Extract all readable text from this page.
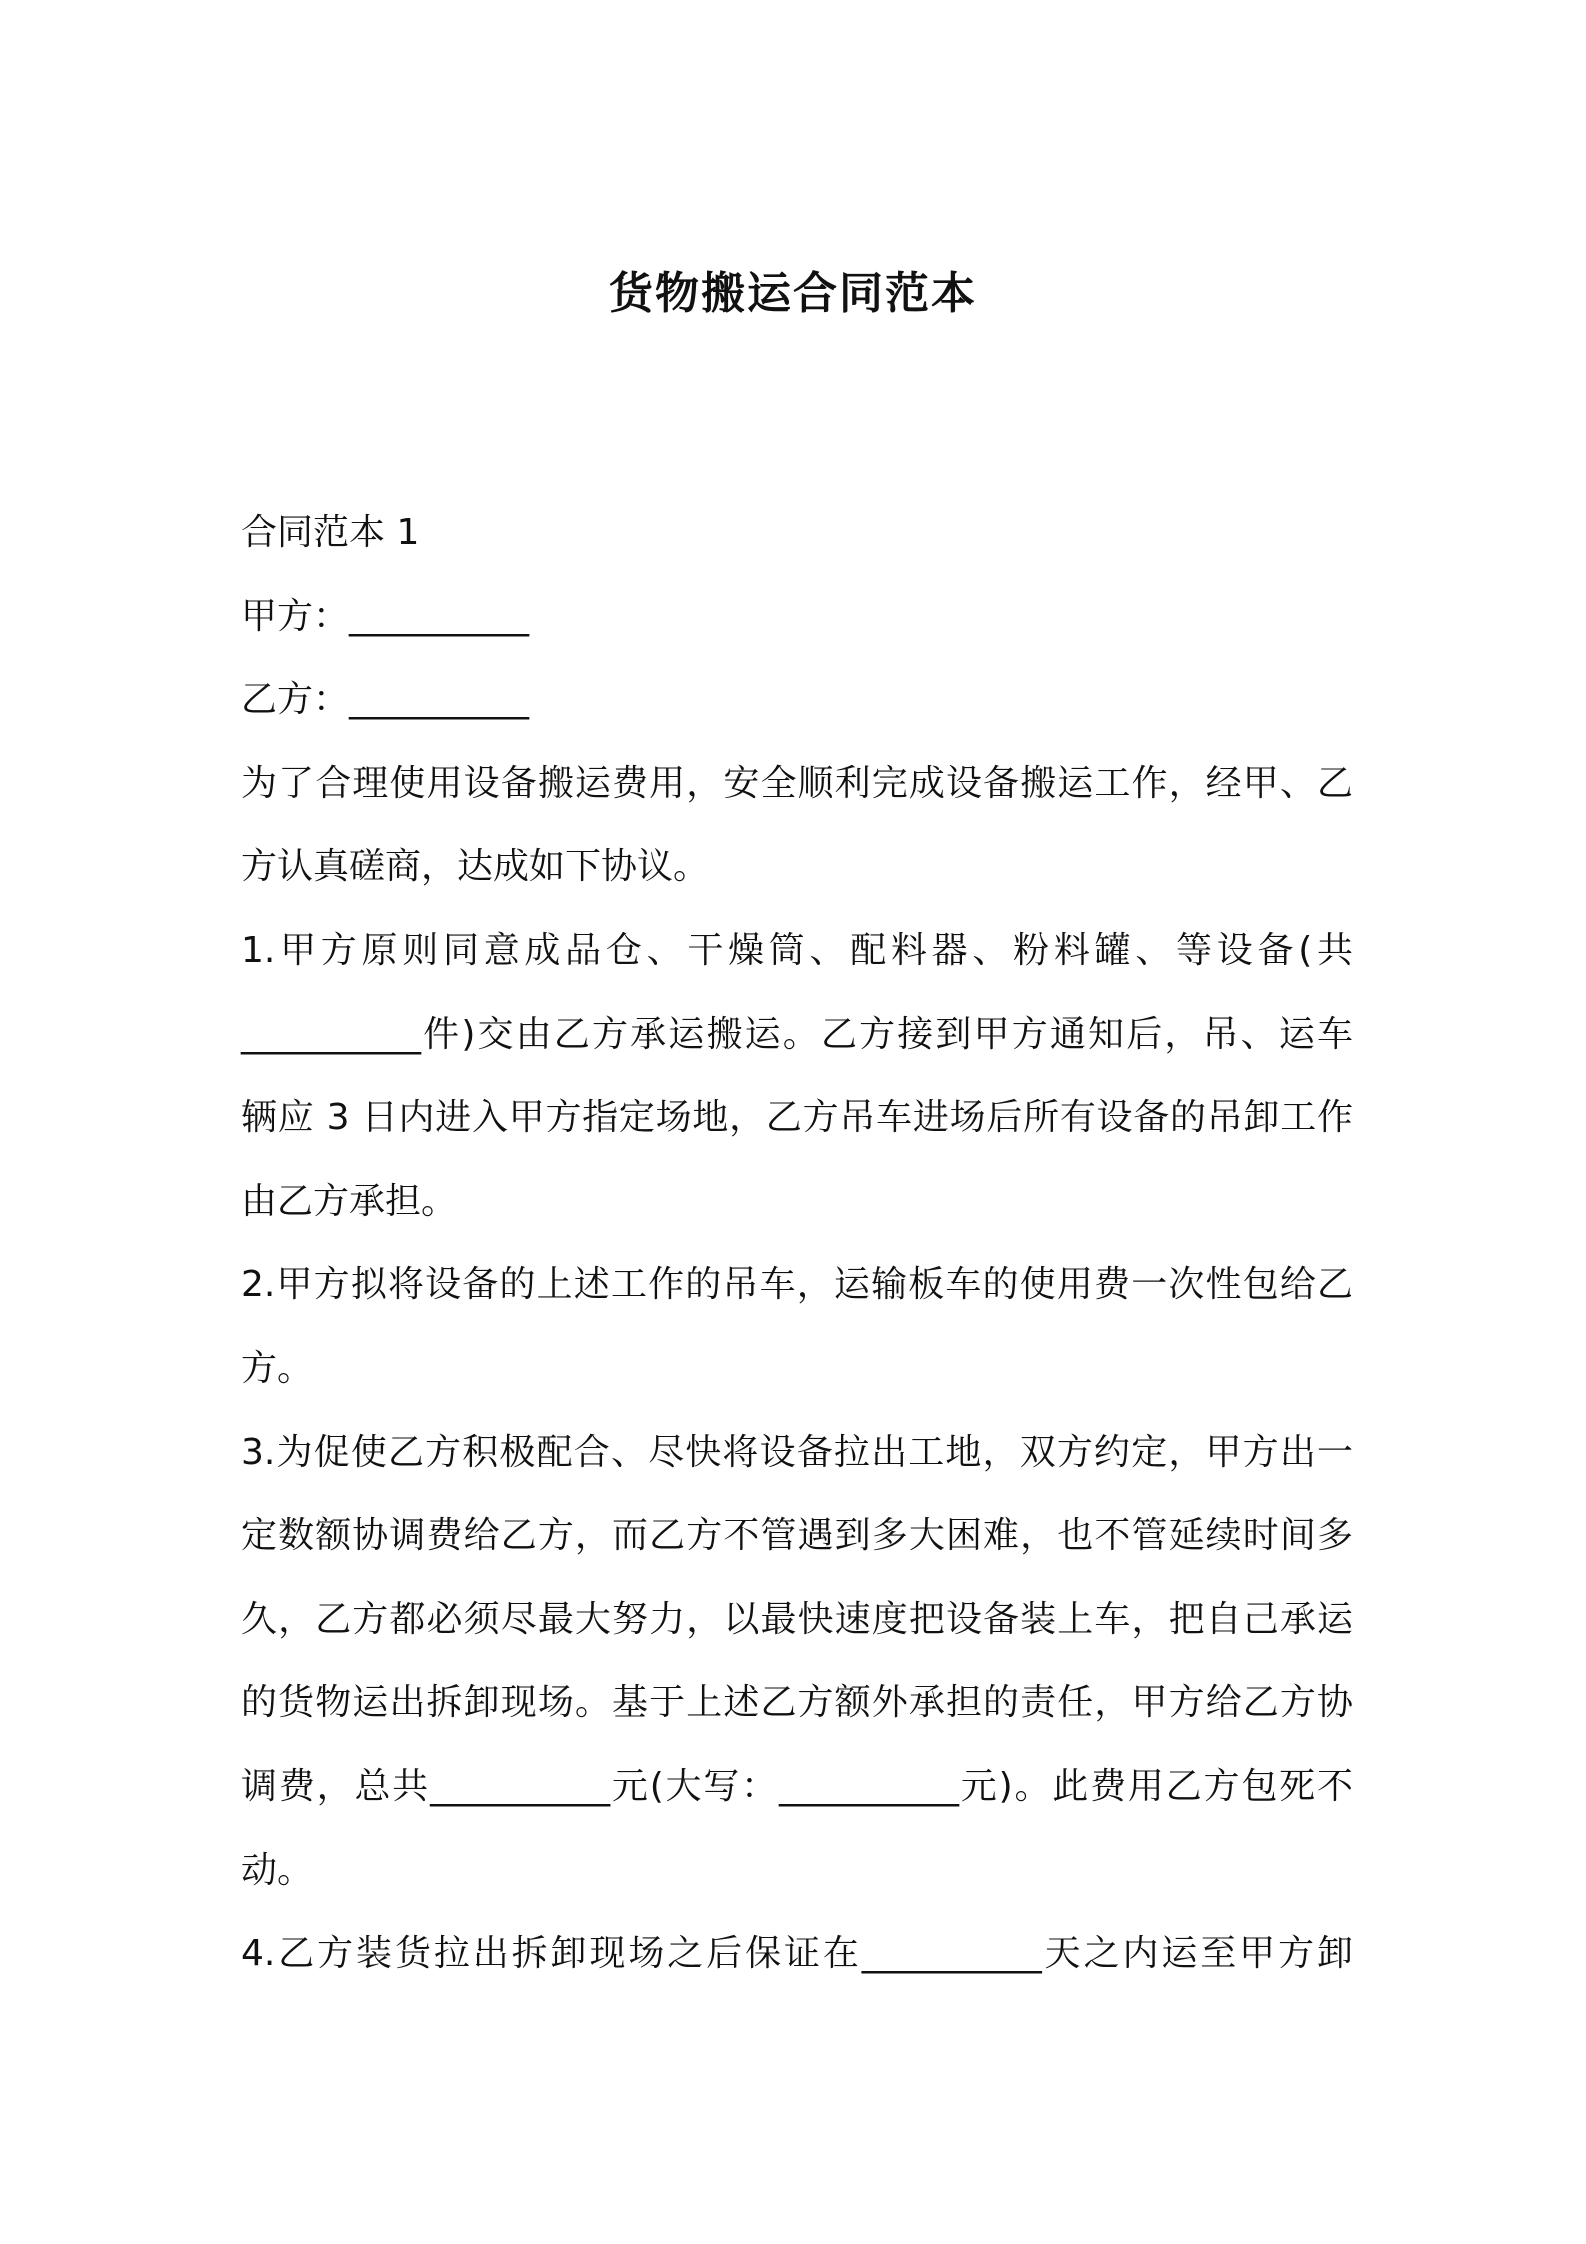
货物搬运合同范本

合同范本 1

甲方：__________

乙方：__________

为了合理使用设备搬运费用，安全顺利完成设备搬运工作，经甲、乙

方认真磋商，达成如下协议。

1.甲方原则同意成品仓、干燥筒、配料器、粉料罐、等设备(共

__________件)交由乙方承运搬运。乙方接到甲方通知后，吊、运车

辆应 3 日内进入甲方指定场地，乙方吊车进场后所有设备的吊卸工作

由乙方承担。

2.甲方拟将设备的上述工作的吊车，运输板车的使用费一次性包给乙

方。

3.为促使乙方积极配合、尽快将设备拉出工地，双方约定，甲方出一

定数额协调费给乙方，而乙方不管遇到多大困难，也不管延续时间多

久，乙方都必须尽最大努力，以最快速度把设备装上车，把自己承运

的货物运出拆卸现场。基于上述乙方额外承担的责任，甲方给乙方协

调费，总共__________元(大写：__________元)。此费用乙方包死不

动。

4.乙方装货拉出拆卸现场之后保证在__________天之内运至甲方卸
